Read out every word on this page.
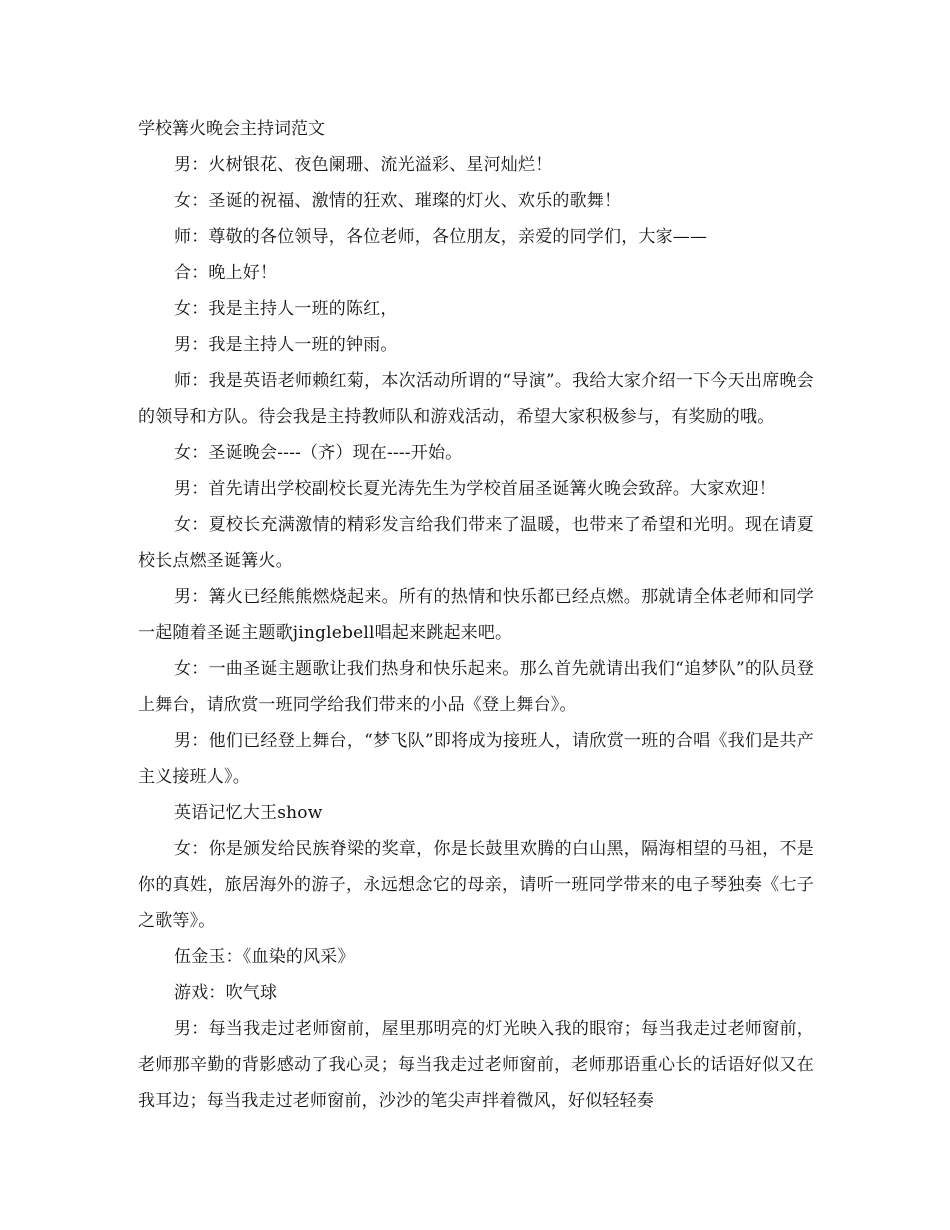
学校篝火晚会主持词范文

男：火树银花、夜色阑珊、流光溢彩、星河灿烂！

女：圣诞的祝福、激情的狂欢、璀璨的灯火、欢乐的歌舞！

师：尊敬的各位领导，各位老师，各位朋友，亲爱的同学们，大家——

合：晚上好！

女：我是主持人一班的陈红，

男：我是主持人一班的钟雨。

师：我是英语老师赖红菊，本次活动所谓的“导演”。我给大家介绍一下今天出席晚会的领导和方队。待会我是主持教师队和游戏活动，希望大家积极参与，有奖励的哦。

女：圣诞晚会----（齐）现在----开始。

男：首先请出学校副校长夏光涛先生为学校首届圣诞篝火晚会致辞。大家欢迎！

女：夏校长充满激情的精彩发言给我们带来了温暖，也带来了希望和光明。现在请夏校长点燃圣诞篝火。

男：篝火已经熊熊燃烧起来。所有的热情和快乐都已经点燃。那就请全体老师和同学一起随着圣诞主题歌jinglebell唱起来跳起来吧。

女：一曲圣诞主题歌让我们热身和快乐起来。那么首先就请出我们“追梦队”的队员登上舞台，请欣赏一班同学给我们带来的小品《登上舞台》。

男：他们已经登上舞台，“梦飞队”即将成为接班人，请欣赏一班的合唱《我们是共产主义接班人》。

英语记忆大王show

女：你是颁发给民族脊梁的奖章，你是长鼓里欢腾的白山黑，隔海相望的马祖，不是你的真姓，旅居海外的游子，永远想念它的母亲，请听一班同学带来的电子琴独奏《七子之歌等》。

伍金玉：《血染的风采》

游戏：吹气球

男：每当我走过老师窗前，屋里那明亮的灯光映入我的眼帘；每当我走过老师窗前，老师那辛勤的背影感动了我心灵；每当我走过老师窗前，老师那语重心长的话语好似又在我耳边；每当我走过老师窗前，沙沙的笔尖声拌着微风，好似轻轻奏
